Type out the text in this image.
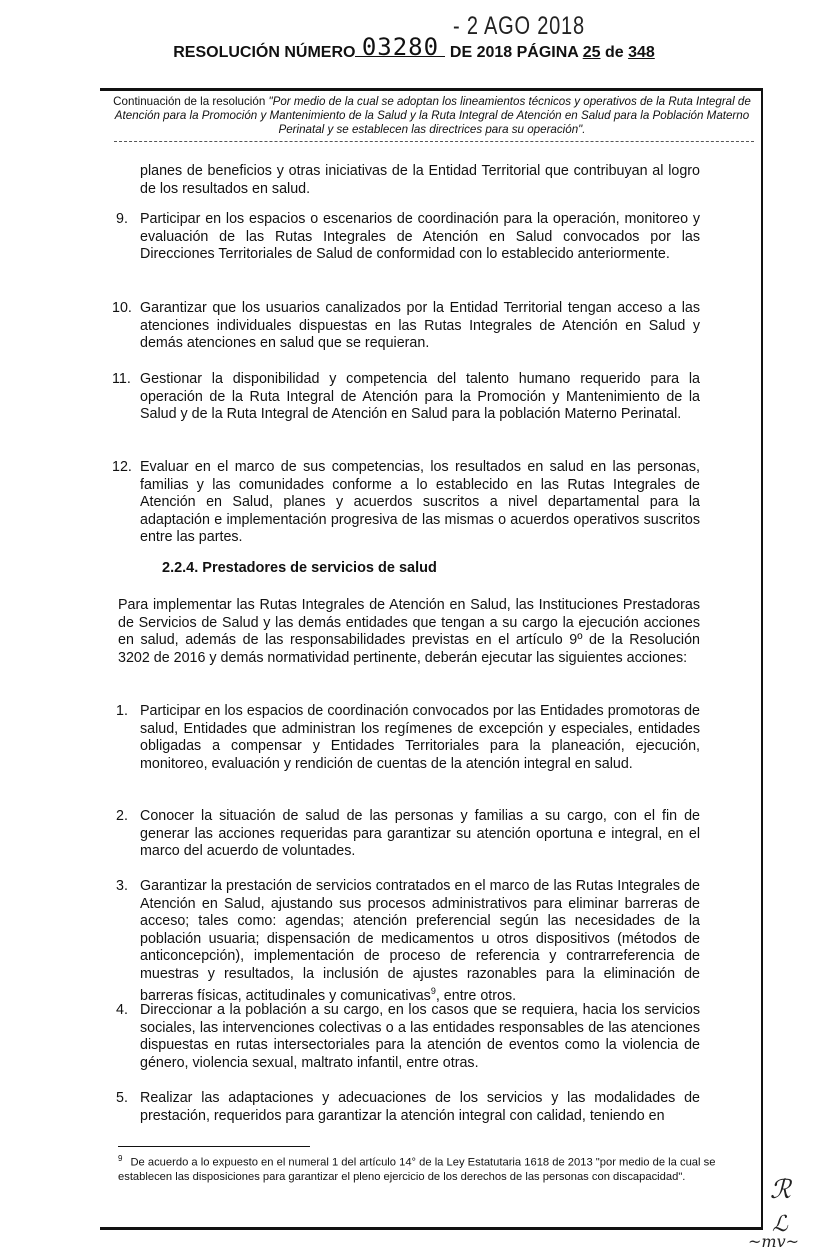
- 2 AGO 2018
RESOLUCIÓN NÚMERO 03280 DE 2018 PÁGINA 25 de 348
Continuación de la resolución "Por medio de la cual se adoptan los lineamientos técnicos y operativos de la Ruta Integral de Atención para la Promoción y Mantenimiento de la Salud y la Ruta Integral de Atención en Salud para la Población Materno Perinatal y se establecen las directrices para su operación".
planes de beneficios y otras iniciativas de la Entidad Territorial que contribuyan al logro de los resultados en salud.
9. Participar en los espacios o escenarios de coordinación para la operación, monitoreo y evaluación de las Rutas Integrales de Atención en Salud convocados por las Direcciones Territoriales de Salud de conformidad con lo establecido anteriormente.
10. Garantizar que los usuarios canalizados por la Entidad Territorial tengan acceso a las atenciones individuales dispuestas en las Rutas Integrales de Atención en Salud y demás atenciones en salud que se requieran.
11. Gestionar la disponibilidad y competencia del talento humano requerido para la operación de la Ruta Integral de Atención para la Promoción y Mantenimiento de la Salud y de la Ruta Integral de Atención en Salud para la población Materno Perinatal.
12. Evaluar en el marco de sus competencias, los resultados en salud en las personas, familias y las comunidades conforme a lo establecido en las Rutas Integrales de Atención en Salud, planes y acuerdos suscritos a nivel departamental para la adaptación e implementación progresiva de las mismas o acuerdos operativos suscritos entre las partes.
2.2.4. Prestadores de servicios de salud
Para implementar las Rutas Integrales de Atención en Salud, las Instituciones Prestadoras de Servicios de Salud y las demás entidades que tengan a su cargo la ejecución acciones en salud, además de las responsabilidades previstas en el artículo 9º de la Resolución 3202 de 2016 y demás normatividad pertinente, deberán ejecutar las siguientes acciones:
1. Participar en los espacios de coordinación convocados por las Entidades promotoras de salud, Entidades que administran los regímenes de excepción y especiales, entidades obligadas a compensar y Entidades Territoriales para la planeación, ejecución, monitoreo, evaluación y rendición de cuentas de la atención integral en salud.
2. Conocer la situación de salud de las personas y familias a su cargo, con el fin de generar las acciones requeridas para garantizar su atención oportuna e integral, en el marco del acuerdo de voluntades.
3. Garantizar la prestación de servicios contratados en el marco de las Rutas Integrales de Atención en Salud, ajustando sus procesos administrativos para eliminar barreras de acceso; tales como: agendas; atención preferencial según las necesidades de la población usuaria; dispensación de medicamentos u otros dispositivos (métodos de anticoncepción), implementación de proceso de referencia y contrarreferencia de muestras y resultados, la inclusión de ajustes razonables para la eliminación de barreras físicas, actitudinales y comunicativas$^9$, entre otros.
4. Direccionar a la población a su cargo, en los casos que se requiera, hacia los servicios sociales, las intervenciones colectivas o a las entidades responsables de las atenciones dispuestas en rutas intersectoriales para la atención de eventos como la violencia de género, violencia sexual, maltrato infantil, entre otras.
5. Realizar las adaptaciones y adecuaciones de los servicios y las modalidades de prestación, requeridos para garantizar la atención integral con calidad, teniendo en
$^9$ De acuerdo a lo expuesto en el numeral 1 del artículo 14° de la Ley Estatutaria 1618 de 2013 "por medio de la cual se establecen las disposiciones para garantizar el pleno ejercicio de los derechos de las personas con discapacidad".	ℛ
ℒ
~mv~
